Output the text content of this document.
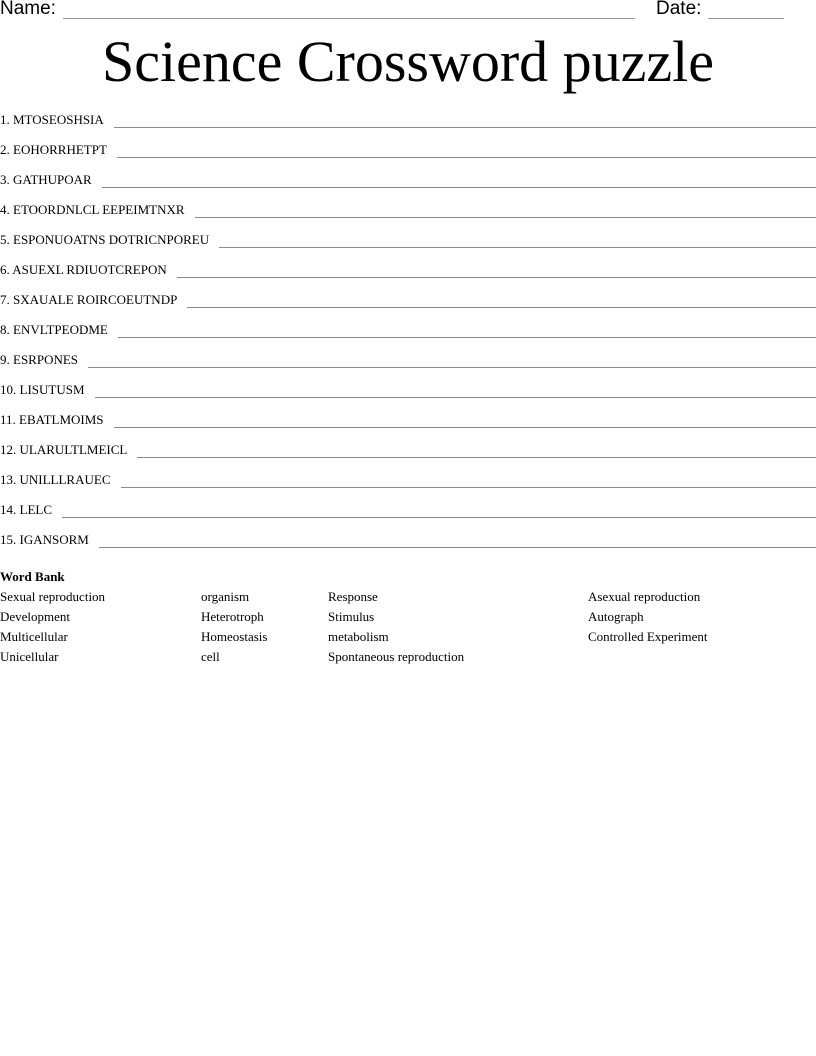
Name:	Date:
Science Crossword puzzle
1. MTOSEOSHSIA
2. EOHORRHETPT
3. GATHUPOAR
4. ETOORDNLCL EEPEIMTNXR
5. ESPONUOATNS DOTRICNPOREU
6. ASUEXL RDIUOTCREPON
7. SXAUALE ROIRCOEUTNDP
8. ENVLTPEODME
9. ESRPONES
10. LISUTUSM
11. EBATLMOIMS
12. ULARULTLMEICL
13. UNILLLRAUEC
14. LELC
15. IGANSORM
Word Bank
Sexual reproduction	organism	Response	Asexual reproduction
Development	Heterotroph	Stimulus	Autograph
Multicellular	Homeostasis	metabolism	Controlled Experiment
Unicellular	cell	Spontaneous reproduction
